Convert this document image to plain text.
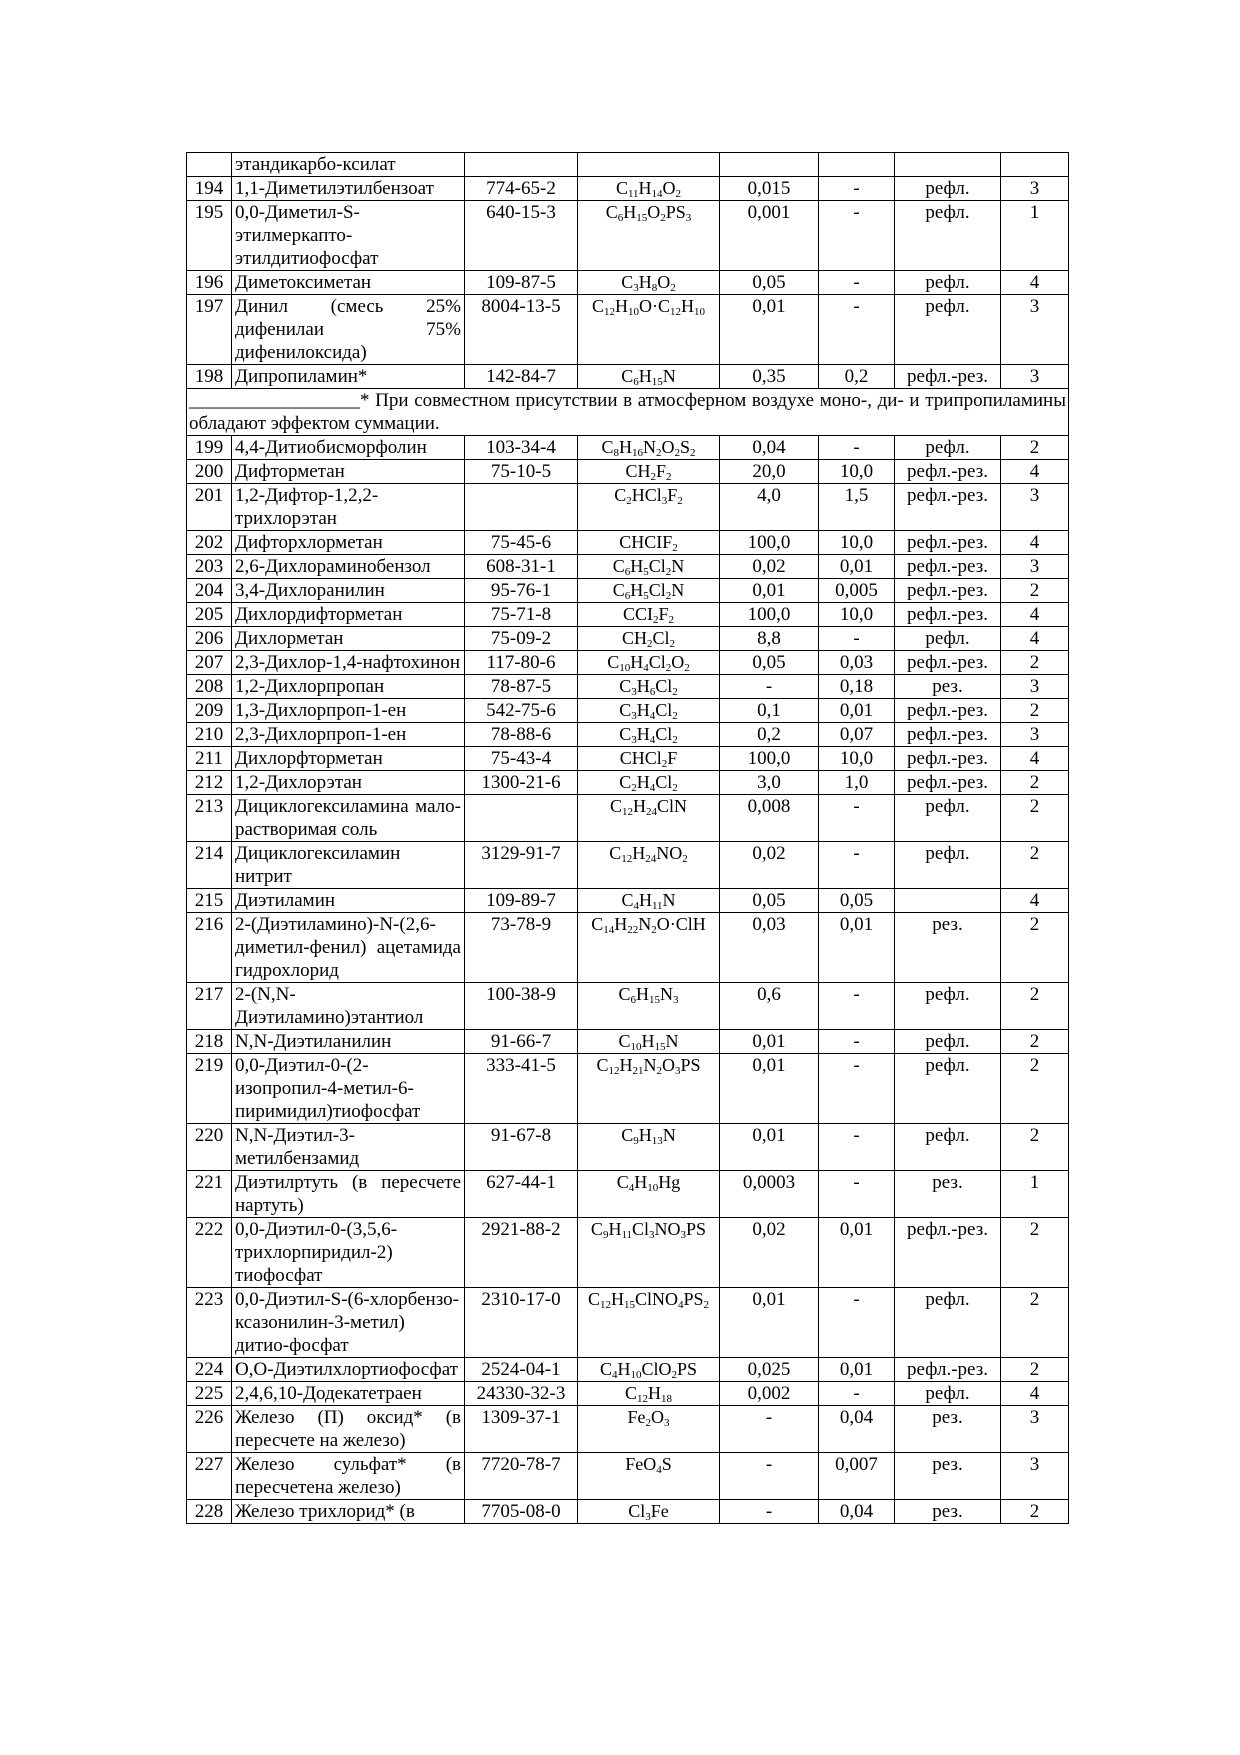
	этандикарбо-ксилат						
194	1,1-Диметилэтилбензоат	774-65-2	C11H14O2	0,015	-	рефл.	3
195	0,0-Диметил-S-этилмеркапто-этилдитиофосфат	640-15-3	C6H15O2PS3	0,001	-	рефл.	1
196	Диметоксиметан	109-87-5	C3H8O2	0,05	-	рефл.	4
197	Динил (смесь 25% дифенилаи 75% дифенилоксида)	8004-13-5	C12H10O·C12H10	0,01	-	рефл.	3
198	Дипропиламин*	142-84-7	C6H15N	0,35	0,2	рефл.-рез.	3
__________________* При совместном присутствии в атмосферном воздухе моно-, ди- и трипропиламины обладают эффектом суммации.							
199	4,4-Дитиобисморфолин	103-34-4	C8H16N2O2S2	0,04	-	рефл.	2
200	Дифторметан	75-10-5	CH2F2	20,0	10,0	рефл.-рез.	4
201	1,2-Дифтор-1,2,2-трихлорэтан		C2HCl3F2	4,0	1,5	рефл.-рез.	3
202	Дифторхлорметан	75-45-6	CHCIF2	100,0	10,0	рефл.-рез.	4
203	2,6-Дихлораминобензол	608-31-1	C6H5Cl2N	0,02	0,01	рефл.-рез.	3
204	3,4-Дихлоранилин	95-76-1	C6H5Cl2N	0,01	0,005	рефл.-рез.	2
205	Дихлордифторметан	75-71-8	CCI2F2	100,0	10,0	рефл.-рез.	4
206	Дихлорметан	75-09-2	CH2Cl2	8,8	-	рефл.	4
207	2,3-Дихлор-1,4-нафтохинон	117-80-6	C10H4Cl2O2	0,05	0,03	рефл.-рез.	2
208	1,2-Дихлорпропан	78-87-5	C3H6Cl2	-	0,18	рез.	3
209	1,3-Дихлорпроп-1-ен	542-75-6	C3H4Cl2	0,1	0,01	рефл.-рез.	2
210	2,3-Дихлорпроп-1-ен	78-88-6	C3H4Cl2	0,2	0,07	рефл.-рез.	3
211	Дихлорфторметан	75-43-4	CHCl2F	100,0	10,0	рефл.-рез.	4
212	1,2-Дихлорэтан	1300-21-6	C2H4Cl2	3,0	1,0	рефл.-рез.	2
213	Дициклогексиламина мало-растворимая соль		C12H24ClN	0,008	-	рефл.	2
214	Дициклогексиламин нитрит	3129-91-7	C12H24NO2	0,02	-	рефл.	2
215	Диэтиламин	109-89-7	C4H11N	0,05	0,05		4
216	2-(Диэтиламино)-N-(2,6-диметил-фенил) ацетамида гидрохлорид	73-78-9	C14H22N2O·ClH	0,03	0,01	рез.	2
217	2-(N,N-Диэтиламино)этантиол	100-38-9	C6H15N3	0,6	-	рефл.	2
218	N,N-Диэтиланилин	91-66-7	C10H15N	0,01	-	рефл.	2
219	0,0-Диэтил-0-(2-изопропил-4-метил-6-пиримидил)тиофосфат	333-41-5	C12H21N2O3PS	0,01	-	рефл.	2
220	N,N-Диэтил-3-метилбензамид	91-67-8	C9H13N	0,01	-	рефл.	2
221	Диэтилртуть (в пересчете нартуть)	627-44-1	C4H10Hg	0,0003	-	рез.	1
222	0,0-Диэтил-0-(3,5,6-трихлорпиридил-2) тиофосфат	2921-88-2	C9H11Cl3NO3PS	0,02	0,01	рефл.-рез.	2
223	0,0-Диэтил-S-(6-хлорбензо-ксазонилин-3-метил) дитио-фосфат	2310-17-0	C12H15ClNO4PS2	0,01	-	рефл.	2
224	O,O-Диэтилхлортиофосфат	2524-04-1	C4H10ClO2PS	0,025	0,01	рефл.-рез.	2
225	2,4,6,10-Додекатетраен	24330-32-3	C12H18	0,002	-	рефл.	4
226	Железо (П) оксид* (в пересчете на железо)	1309-37-1	Fe2O3	-	0,04	рез.	3
227	Железо сульфат* (в пересчетена железо)	7720-78-7	FeO4S	-	0,007	рез.	3
228	Железо трихлорид* (в	7705-08-0	Cl3Fe	-	0,04	рез.	2
